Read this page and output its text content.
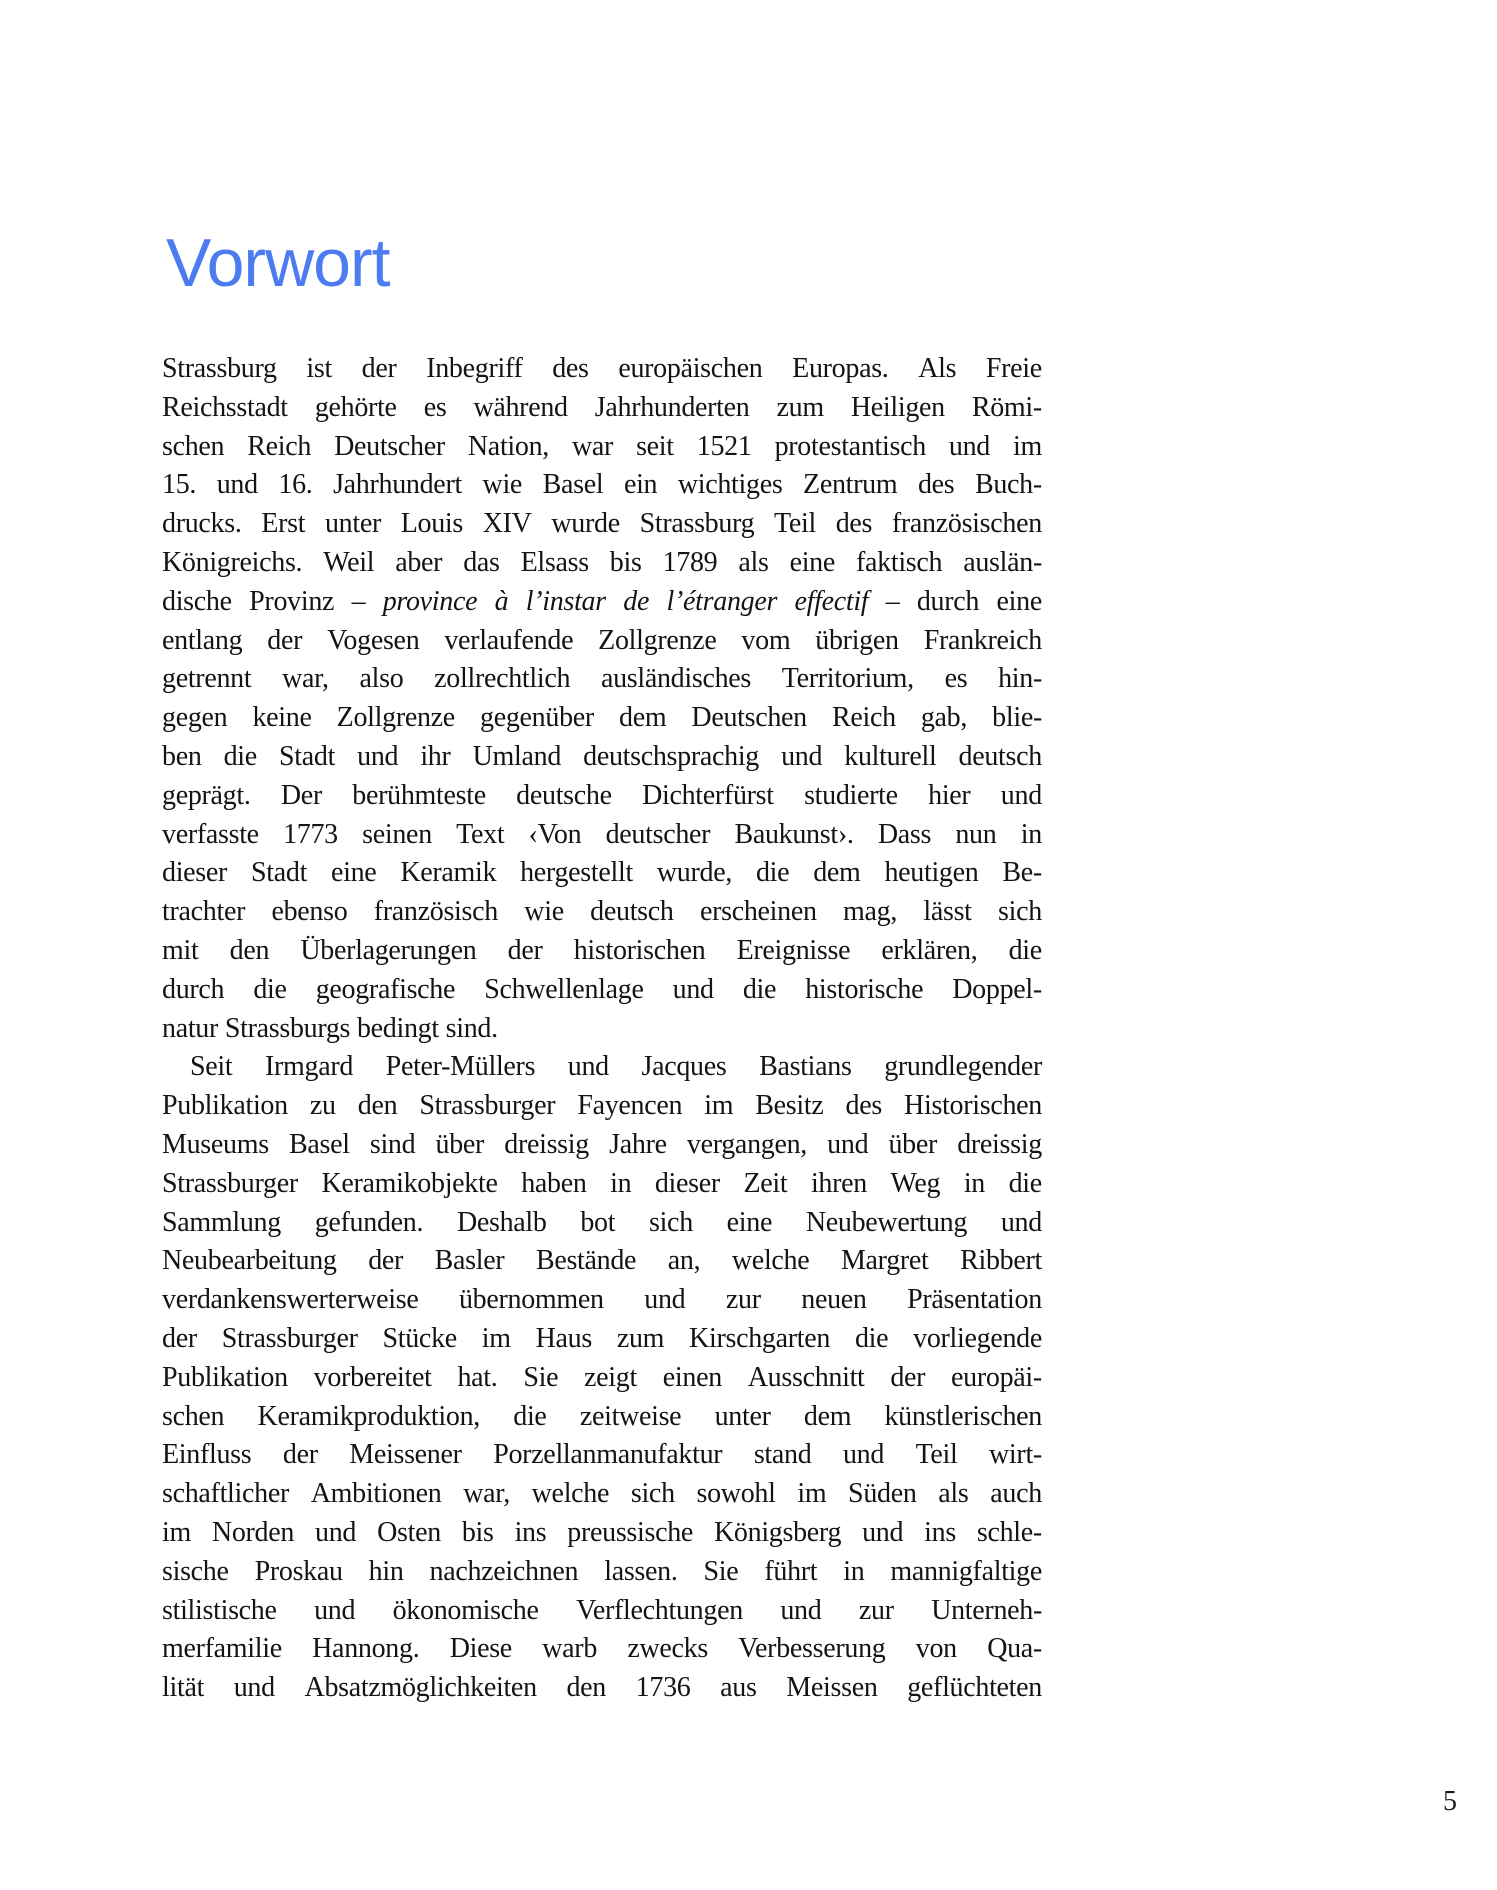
Vorwort
Strassburg ist der Inbegriff des europäischen Europas. Als Freie
Reichsstadt gehörte es während Jahrhunderten zum Heiligen Römi-
schen Reich Deutscher Nation, war seit 1521 protestantisch und im
15. und 16. Jahrhundert wie Basel ein wichtiges Zentrum des Buch-
drucks. Erst unter Louis XIV wurde Strassburg Teil des französischen
Königreichs. Weil aber das Elsass bis 1789 als eine faktisch auslän-
dische Provinz – province à l’instar de l’étranger effectif – durch eine
entlang der Vogesen verlaufende Zollgrenze vom übrigen Frankreich
getrennt war, also zollrechtlich ausländisches Territorium, es hin-
gegen keine Zollgrenze gegenüber dem Deutschen Reich gab, blie-
ben die Stadt und ihr Umland deutschsprachig und kulturell deutsch
geprägt. Der berühmteste deutsche Dichterfürst studierte hier und
verfasste 1773 seinen Text ‹Von deutscher Baukunst›. Dass nun in
dieser Stadt eine Keramik hergestellt wurde, die dem heutigen Be-
trachter ebenso französisch wie deutsch erscheinen mag, lässt sich
mit den Überlagerungen der historischen Ereignisse erklären, die
durch die geografische Schwellenlage und die historische Doppel-
natur Strassburgs bedingt sind.
Seit Irmgard Peter-Müllers und Jacques Bastians grundlegender
Publikation zu den Strassburger Fayencen im Besitz des Historischen
Museums Basel sind über dreissig Jahre vergangen, und über dreissig
Strassburger Keramikobjekte haben in dieser Zeit ihren Weg in die
Sammlung gefunden. Deshalb bot sich eine Neubewertung und
Neubearbeitung der Basler Bestände an, welche Margret Ribbert
verdankenswerterweise übernommen und zur neuen Präsentation
der Strassburger Stücke im Haus zum Kirschgarten die vorliegende
Publikation vorbereitet hat. Sie zeigt einen Ausschnitt der europäi-
schen Keramikproduktion, die zeitweise unter dem künstlerischen
Einfluss der Meissener Porzellanmanufaktur stand und Teil wirt-
schaftlicher Ambitionen war, welche sich sowohl im Süden als auch
im Norden und Osten bis ins preussische Königsberg und ins schle-
sische Proskau hin nachzeichnen lassen. Sie führt in mannigfaltige
stilistische und ökonomische Verflechtungen und zur Unterneh-
merfamilie Hannong. Diese warb zwecks Verbesserung von Qua-
lität und Absatzmöglichkeiten den 1736 aus Meissen geflüchteten
5
